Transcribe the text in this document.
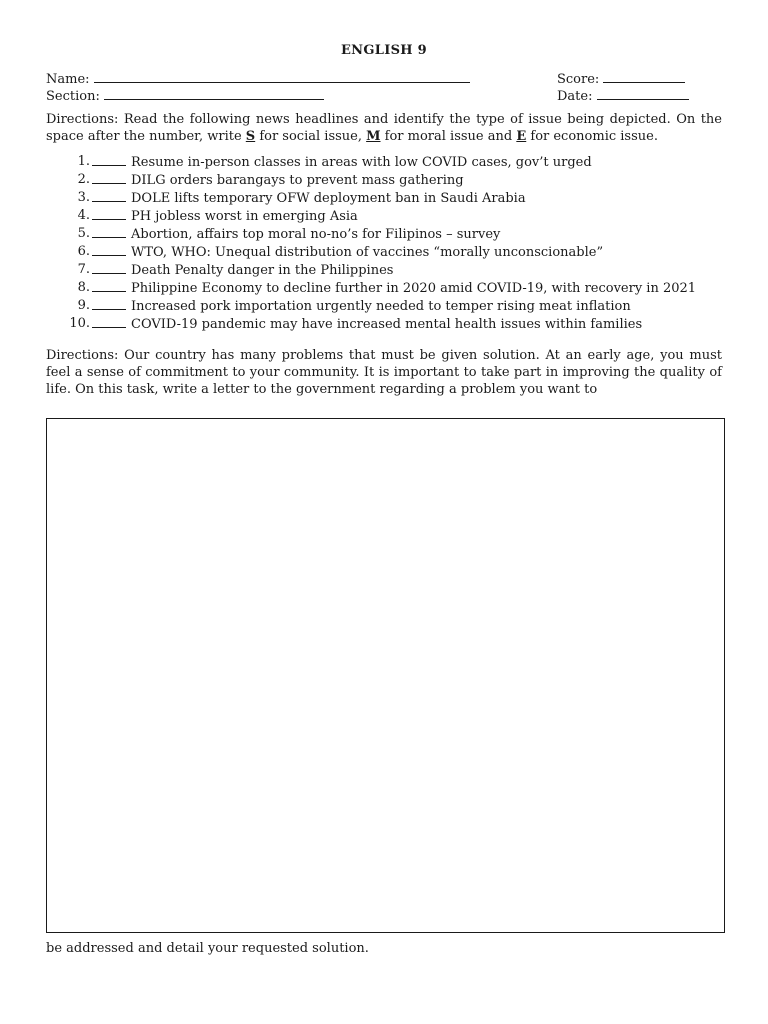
ENGLISH 9
Name:	Score:
Section:	Date:
Directions: Read the following news headlines and identify the type of issue being depicted. On the space after the number, write S for social issue, M for moral issue and E for economic issue.
1.	Resume in-person classes in areas with low COVID cases, gov’t urged
2.	DILG orders barangays to prevent mass gathering
3.	DOLE lifts temporary OFW deployment ban in Saudi Arabia
4.	PH jobless worst in emerging Asia
5.	Abortion, affairs top moral no-no’s for Filipinos – survey
6.	WTO, WHO: Unequal distribution of vaccines “morally unconscionable”
7.	Death Penalty danger in the Philippines
8.	Philippine Economy to decline further in 2020 amid COVID-19, with recovery in 2021
9.	Increased pork importation urgently needed to temper rising meat inflation
10.	COVID-19 pandemic may have increased mental health issues within families
Directions: Our country has many problems that must be given solution. At an early age, you must feel a sense of commitment to your community. It is important to take part in improving the quality of life. On this task, write a letter to the government regarding a problem you want to
be addressed and detail your requested solution.
